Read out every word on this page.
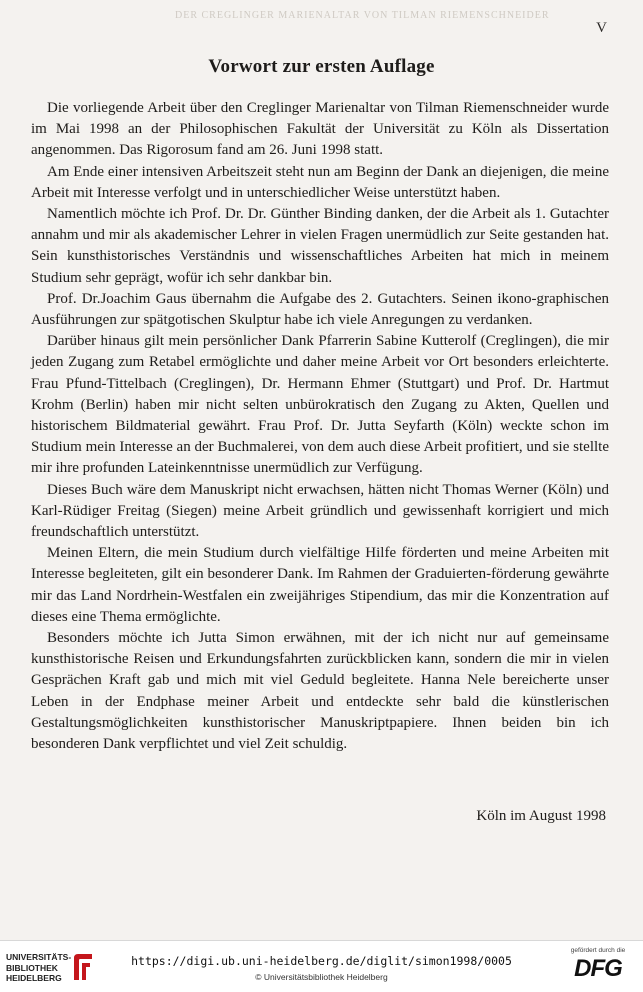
DER CREGLINGER MARIENALTAR VON TILMAN RIEMENSCHNEIDER
V
Vorwort zur ersten Auflage

Die vorliegende Arbeit über den Creglinger Marienaltar von Tilman Riemenschneider wurde im Mai 1998 an der Philosophischen Fakultät der Universität zu Köln als Dissertation angenommen. Das Rigorosum fand am 26. Juni 1998 statt.

Am Ende einer intensiven Arbeitszeit steht nun am Beginn der Dank an diejenigen, die meine Arbeit mit Interesse verfolgt und in unterschiedlicher Weise unterstützt haben.

Namentlich möchte ich Prof. Dr. Dr. Günther Binding danken, der die Arbeit als 1. Gutachter annahm und mir als akademischer Lehrer in vielen Fragen unermüdlich zur Seite gestanden hat. Sein kunsthistorisches Verständnis und wissenschaftliches Arbeiten hat mich in meinem Studium sehr geprägt, wofür ich sehr dankbar bin.

Prof. Dr.Joachim Gaus übernahm die Aufgabe des 2. Gutachters. Seinen ikono-graphischen Ausführungen zur spätgotischen Skulptur habe ich viele Anregungen zu verdanken.

Darüber hinaus gilt mein persönlicher Dank Pfarrerin Sabine Kutterolf (Creglingen), die mir jeden Zugang zum Retabel ermöglichte und daher meine Arbeit vor Ort besonders erleichterte. Frau Pfund-Tittelbach (Creglingen), Dr. Hermann Ehmer (Stuttgart) und Prof. Dr. Hartmut Krohm (Berlin) haben mir nicht selten unbürokratisch den Zugang zu Akten, Quellen und historischem Bildmaterial gewährt. Frau Prof. Dr. Jutta Seyfarth (Köln) weckte schon im Studium mein Interesse an der Buchmalerei, von dem auch diese Arbeit profitiert, und sie stellte mir ihre profunden Lateinkenntnisse unermüdlich zur Verfügung.

Dieses Buch wäre dem Manuskript nicht erwachsen, hätten nicht Thomas Werner (Köln) und Karl-Rüdiger Freitag (Siegen) meine Arbeit gründlich und gewissenhaft korrigiert und mich freundschaftlich unterstützt.

Meinen Eltern, die mein Studium durch vielfältige Hilfe förderten und meine Arbeiten mit Interesse begleiteten, gilt ein besonderer Dank. Im Rahmen der Graduierten-förderung gewährte mir das Land Nordrhein-Westfalen ein zweijähriges Stipendium, das mir die Konzentration auf dieses eine Thema ermöglichte.

Besonders möchte ich Jutta Simon erwähnen, mit der ich nicht nur auf gemeinsame kunsthistorische Reisen und Erkundungsfahrten zurückblicken kann, sondern die mir in vielen Gesprächen Kraft gab und mich mit viel Geduld begleitete. Hanna Nele bereicherte unser Leben in der Endphase meiner Arbeit und entdeckte sehr bald die künstlerischen Gestaltungsmöglichkeiten kunsthistorischer Manuskriptpapiere. Ihnen beiden bin ich besonderen Dank verpflichtet und viel Zeit schuldig.

Köln im August 1998
UNIVERSITÄTS-
BIBLIOTHEK
HEIDELBERG
https://digi.ub.uni-heidelberg.de/diglit/simon1998/0005
© Universitätsbibliothek Heidelberg
gefördert durch die
DFG
